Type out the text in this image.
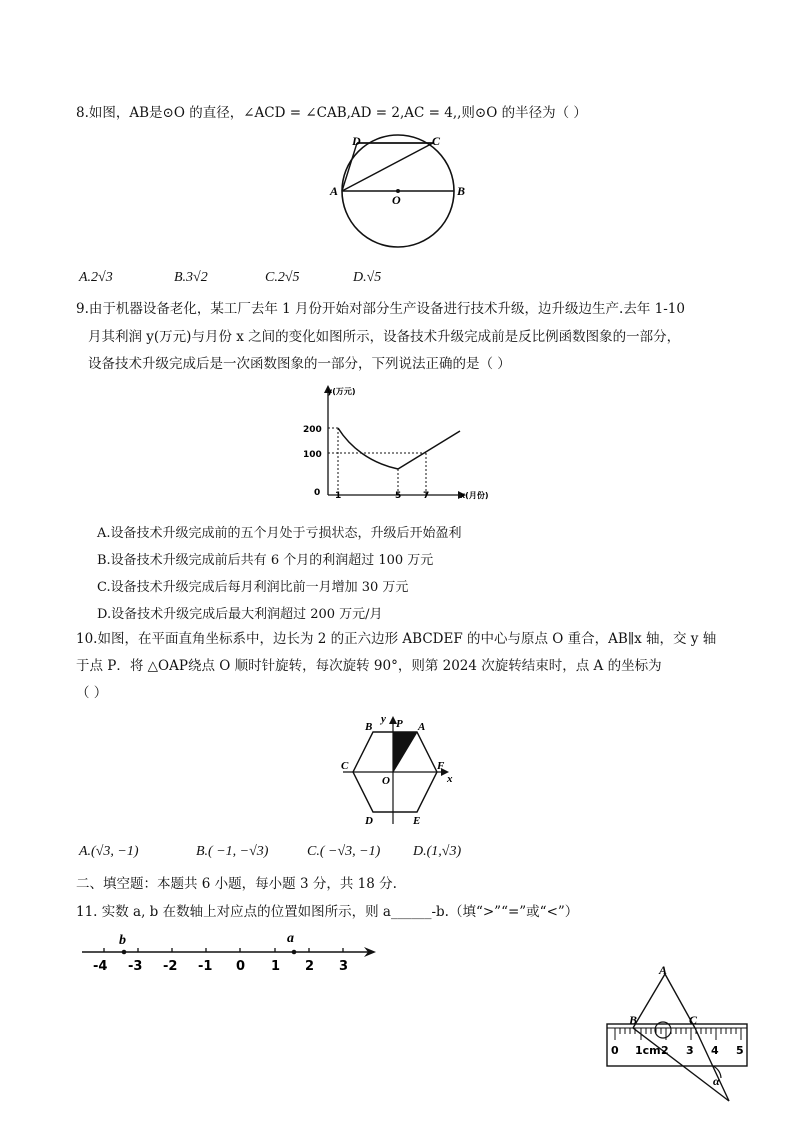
8.如图，AB是⊙O 的直径，∠ACD = ∠CAB,AD = 2,AC = 4,,则⊙O 的半径为（ ）
D	C
A	B
O
A.2√3	B.3√2	C.2√5	D.√5
9.由于机器设备老化，某工厂去年 1 月份开始对部分生产设备进行技术升级，边升级边生产.去年 1-10
月其利润 y(万元)与月份 x 之间的变化如图所示，设备技术升级完成前是反比例函数图象的一部分，
设备技术升级完成后是一次函数图象的一部分，下列说法正确的是（ ）
y(万元)
x(月份)
200
100
0 1	5 7
A.设备技术升级完成前的五个月处于亏损状态，升级后开始盈利
B.设备技术升级完成前后共有 6 个月的利润超过 100 万元
C.设备技术升级完成后每月利润比前一月增加 30 万元
D.设备技术升级完成后最大利润超过 200 万元/月
10.如图，在平面直角坐标系中，边长为 2 的正六边形 ABCDEF 的中心与原点 O 重合，AB∥x 轴，交 y 轴
于点 P．将 △OAP绕点 O 顺时针旋转，每次旋转 90°，则第 2024 次旋转结束时，点 A 的坐标为
（ ）
y
B P A
C	F
x
O
D	E
A.(√3, −1)	B.( −1, −√3)	C.( −√3, −1) D.(1,√3)
二、填空题：本题共 6 小题，每小题 3 分，共 18 分.
11. 实数 a, b 在数轴上对应点的位置如图所示，则 a______-b.（填“>”“=”或“<”）
b	a
-4 -3 -2 -1 0 1 2 3	A
B	C
α
0 1cm 2 3 4 5
